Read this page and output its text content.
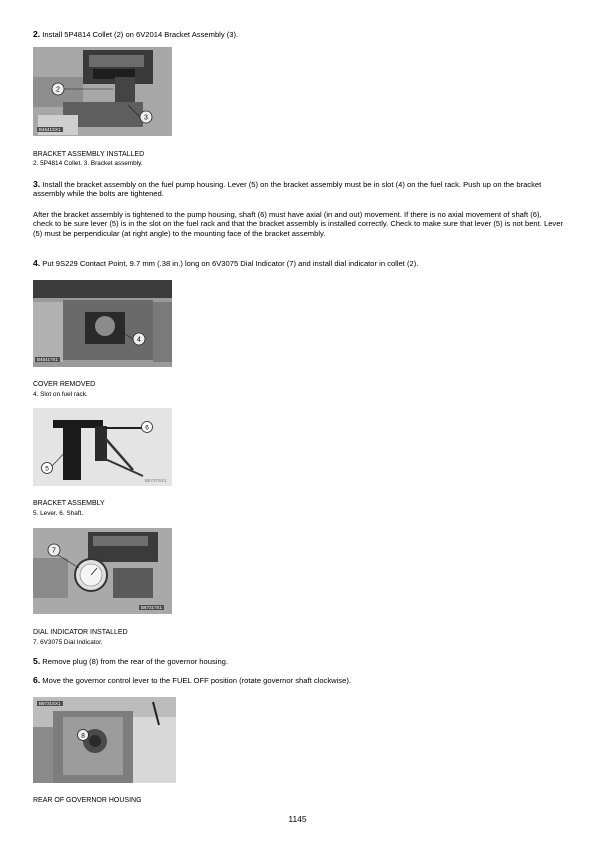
2. Install 5P4814 Collet (2) on 6V2014 Bracket Assembly (3).

2
3
B4641SX1
BRACKET ASSEMBLY INSTALLED
2. 5P4814 Collet. 3. Bracket assembly.

3. Install the bracket assembly on the fuel pump housing. Lever (5) on the bracket assembly must be in slot (4) on the fuel rack. Push up on the bracket assembly while the bolts are tightened.

After the bracket assembly is tightened to the pump housing, shaft (6) must have axial (in and out) movement. If there is no axial movement of shaft (6), check to be sure lever (5) is in the slot on the fuel rack and that the bracket assembly is installed correctly. Check to make sure that lever (5) is not bent. Lever (5) must be perpendicular (at right angle) to the mounting face of the bracket assembly.

4. Put 9S229 Contact Point, 9.7 mm (.38 in.) long on 6V3075 Dial Indicator (7) and install dial indicator in collet (2).

4
B4641?X1
COVER REMOVED
4. Slot on fuel rack.
6
5
B6737SX1
BRACKET ASSEMBLY
5. Lever. 6. Shaft.
7
B6731?X1
DIAL INDICATOR INSTALLED
7. 6V3075 Dial Indicator.

5. Remove plug (8) from the rear of the governor housing.

6. Move the governor control lever to the FUEL OFF position (rotate governor shaft clockwise).

8
B6731SX1
REAR OF GOVERNOR HOUSING
1145
